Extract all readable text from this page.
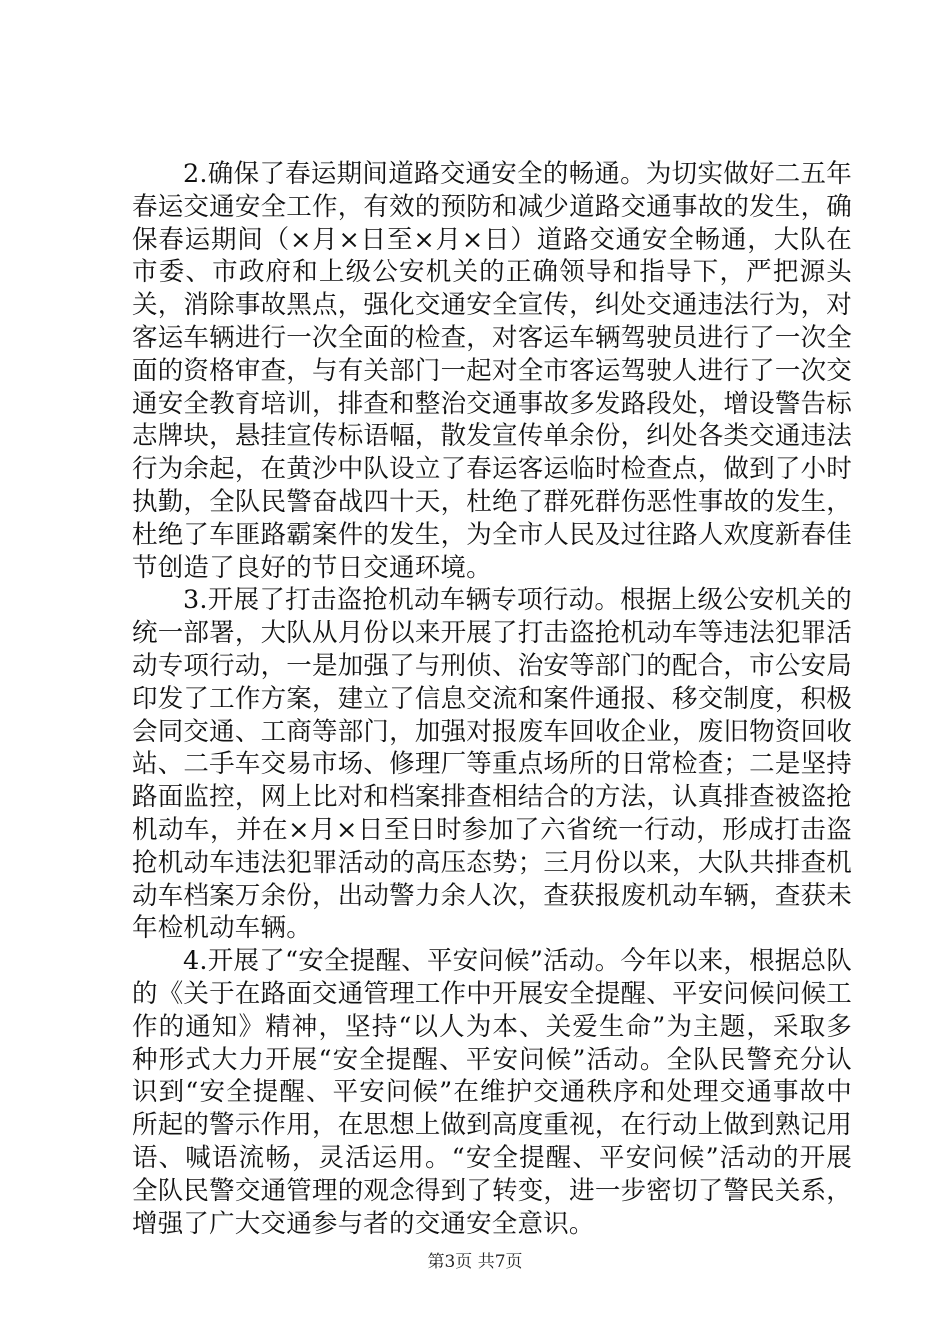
2.确保了春运期间道路交通安全的畅通。为切实做好二五年春运交通安全工作，有效的预防和减少道路交通事故的发生，确保春运期间（×月×日至×月×日）道路交通安全畅通，大队在市委、市政府和上级公安机关的正确领导和指导下，严把源头关，消除事故黑点，强化交通安全宣传，纠处交通违法行为，对客运车辆进行一次全面的检查，对客运车辆驾驶员进行了一次全面的资格审查，与有关部门一起对全市客运驾驶人进行了一次交通安全教育培训，排查和整治交通事故多发路段处，增设警告标志牌块，悬挂宣传标语幅，散发宣传单余份，纠处各类交通违法行为余起，在黄沙中队设立了春运客运临时检查点，做到了小时执勤，全队民警奋战四十天，杜绝了群死群伤恶性事故的发生，杜绝了车匪路霸案件的发生，为全市人民及过往路人欢度新春佳节创造了良好的节日交通环境。

3.开展了打击盗抢机动车辆专项行动。根据上级公安机关的统一部署，大队从月份以来开展了打击盗抢机动车等违法犯罪活动专项行动，一是加强了与刑侦、治安等部门的配合，市公安局印发了工作方案，建立了信息交流和案件通报、移交制度，积极会同交通、工商等部门，加强对报废车回收企业，废旧物资回收站、二手车交易市场、修理厂等重点场所的日常检查；二是坚持路面监控，网上比对和档案排查相结合的方法，认真排查被盗抢机动车，并在×月×日至日时参加了六省统一行动，形成打击盗抢机动车违法犯罪活动的高压态势；三月份以来，大队共排查机动车档案万余份，出动警力余人次，查获报废机动车辆，查获未年检机动车辆。

4.开展了“安全提醒、平安问候”活动。今年以来，根据总队的《关于在路面交通管理工作中开展安全提醒、平安问候问候工作的通知》精神，坚持“以人为本、关爱生命”为主题，采取多种形式大力开展“安全提醒、平安问候”活动。全队民警充分认识到“安全提醒、平安问候”在维护交通秩序和处理交通事故中所起的警示作用，在思想上做到高度重视，在行动上做到熟记用语、喊语流畅，灵活运用。“安全提醒、平安问候”活动的开展全队民警交通管理的观念得到了转变，进一步密切了警民关系，增强了广大交通参与者的交通安全意识。

第3页 共7页
